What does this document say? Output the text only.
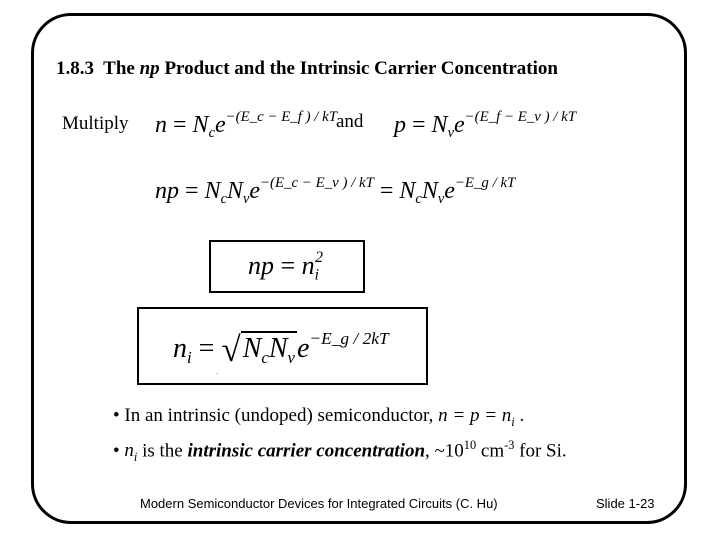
1.8.3 The np Product and the Intrinsic Carrier Concentration
Multiply $n = N_ce^{-(E\_c - E\_f ) / kT}$ and $p = N_ve^{-(E\_f - E\_v ) / kT}$
np = $N_cN_ve^{-(E\_c - E\_v ) / kT} = N_cN_ve^{-E\_g / kT}$
np = $n_i^2$
$n_i = √N_cN_ve^{-E\_g / 2kT}$
.
• In an intrinsic (undoped) semiconductor, $n = p = n_i$ .
• $n_i$ is the intrinsic carrier concentration, $\sim 10^{10}$ $cm^{-3}$ for Si.
Modern Semiconductor Devices for Integrated Circuits (C. Hu)	Slide 1-23
